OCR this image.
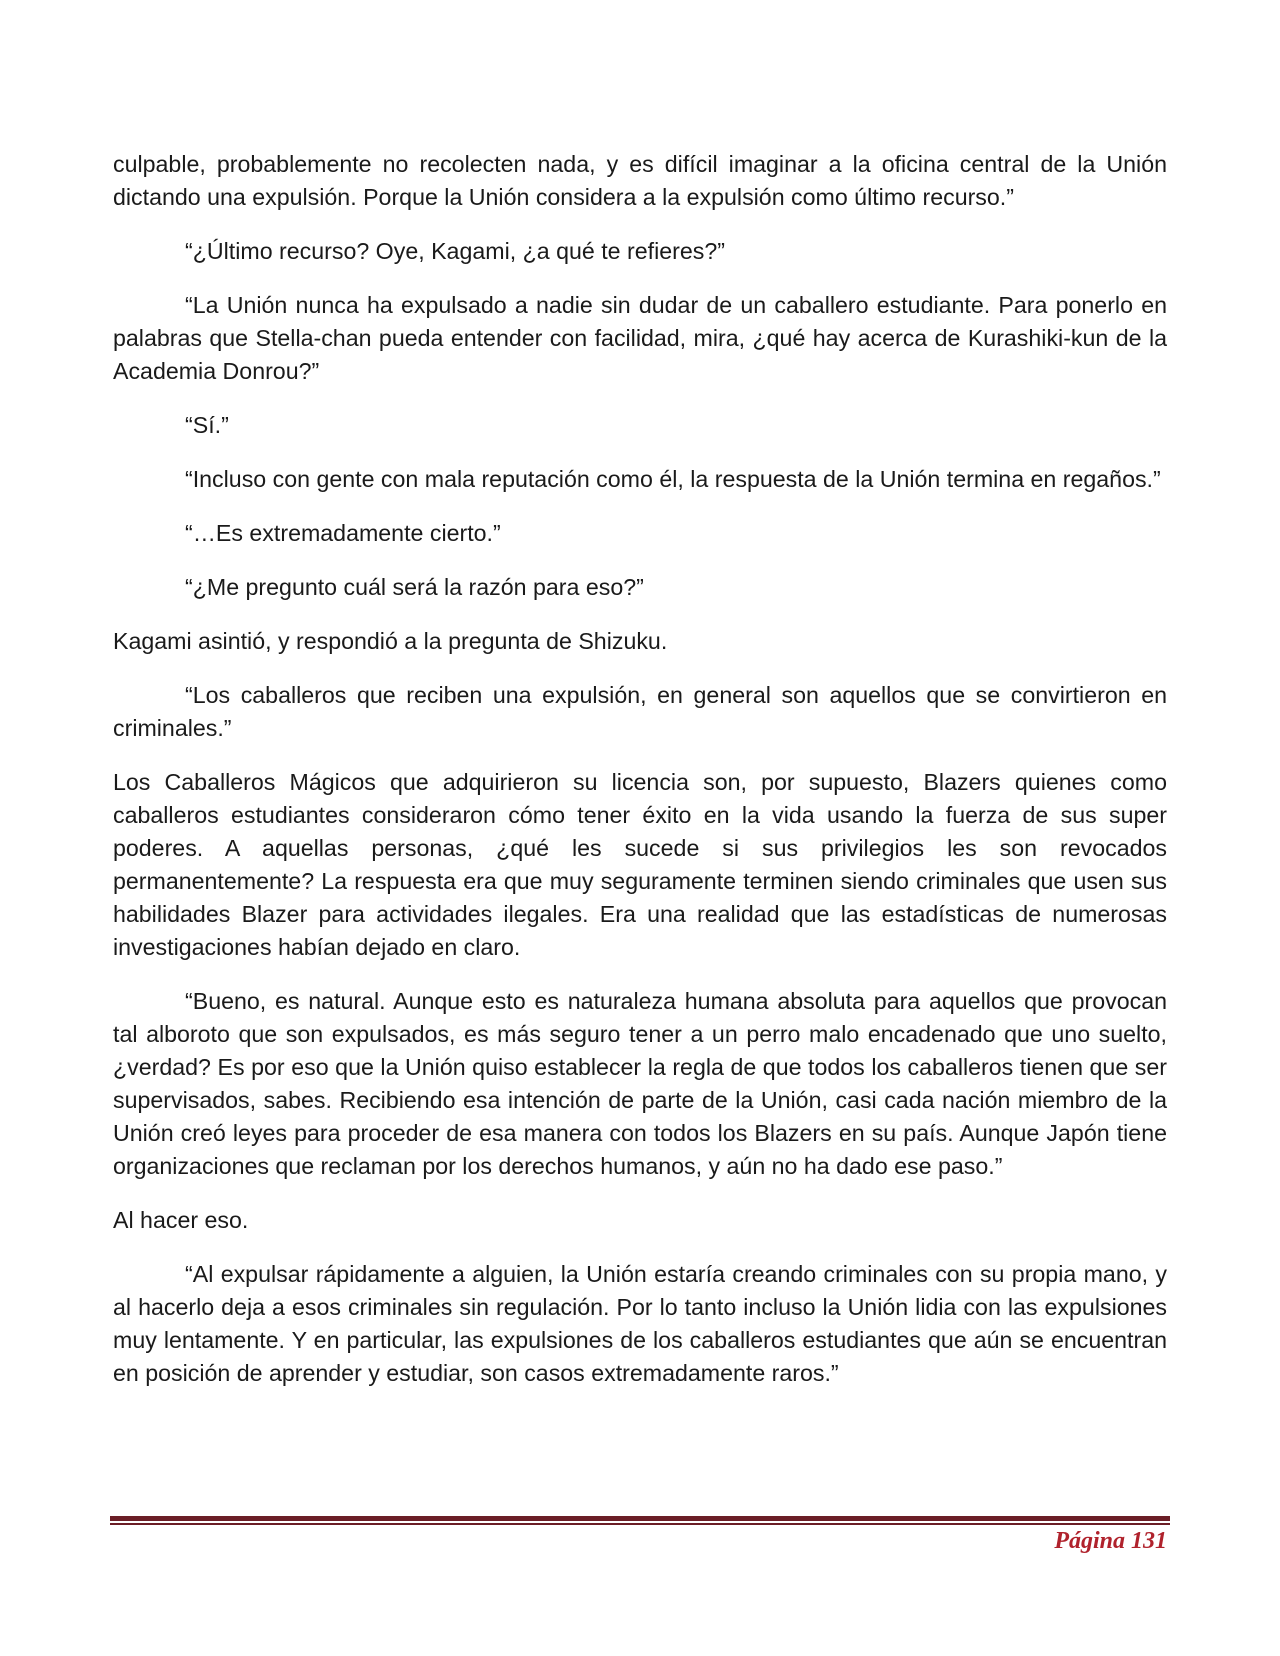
culpable, probablemente no recolecten nada, y es difícil imaginar a la oficina central de la Unión dictando una expulsión. Porque la Unión considera a la expulsión como último recurso.”

“¿Último recurso? Oye, Kagami, ¿a qué te refieres?”

“La Unión nunca ha expulsado a nadie sin dudar de un caballero estudiante. Para ponerlo en palabras que Stella-chan pueda entender con facilidad, mira, ¿qué hay acerca de Kurashiki-kun de la Academia Donrou?”

“Sí.”

“Incluso con gente con mala reputación como él, la respuesta de la Unión termina en regaños.”

“…Es extremadamente cierto.”

“¿Me pregunto cuál será la razón para eso?”

Kagami asintió, y respondió a la pregunta de Shizuku.

“Los caballeros que reciben una expulsión, en general son aquellos que se convirtieron en criminales.”

Los Caballeros Mágicos que adquirieron su licencia son, por supuesto, Blazers quienes como caballeros estudiantes consideraron cómo tener éxito en la vida usando la fuerza de sus super poderes. A aquellas personas, ¿qué les sucede si sus privilegios les son revocados permanentemente? La respuesta era que muy seguramente terminen siendo criminales que usen sus habilidades Blazer para actividades ilegales. Era una realidad que las estadísticas de numerosas investigaciones habían dejado en claro.

“Bueno, es natural. Aunque esto es naturaleza humana absoluta para aquellos que provocan tal alboroto que son expulsados, es más seguro tener a un perro malo encadenado que uno suelto, ¿verdad? Es por eso que la Unión quiso establecer la regla de que todos los caballeros tienen que ser supervisados, sabes. Recibiendo esa intención de parte de la Unión, casi cada nación miembro de la Unión creó leyes para proceder de esa manera con todos los Blazers en su país. Aunque Japón tiene organizaciones que reclaman por los derechos humanos, y aún no ha dado ese paso.”

Al hacer eso.

“Al expulsar rápidamente a alguien, la Unión estaría creando criminales con su propia mano, y al hacerlo deja a esos criminales sin regulación. Por lo tanto incluso la Unión lidia con las expulsiones muy lentamente. Y en particular, las expulsiones de los caballeros estudiantes que aún se encuentran en posición de aprender y estudiar, son casos extremadamente raros.”

Página 131
